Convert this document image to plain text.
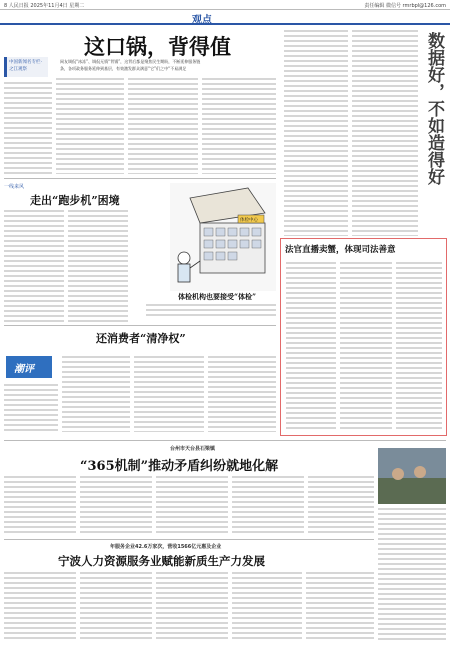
8 人民日报 2025年11月4日 星期二	责任编辑 微信号 rmrbpl@126.com
观点
中国新闻名专栏·之江观察
这口锅，背得值
网友调侃“冰冻”、调侃无情“背锅”，这背后都是聚焦民生期盼，不断延伸服务链
条，各项政务服务延伸到基层，有效激发群众满意“它”们之中“不易满足	数据好，不如造得好
一线来风
走出“跑步机”困境
体检中心
体检机构也要接受“体检”
还消费者“清净权”
潮评
法官直播卖蟹，体现司法善意
台州市天台县石梁镇
“365机制”推动矛盾纠纷就地化解
年服务企业42.6万家次，营收1566亿元惠及企业
宁波人力资源服务业赋能新质生产力发展
